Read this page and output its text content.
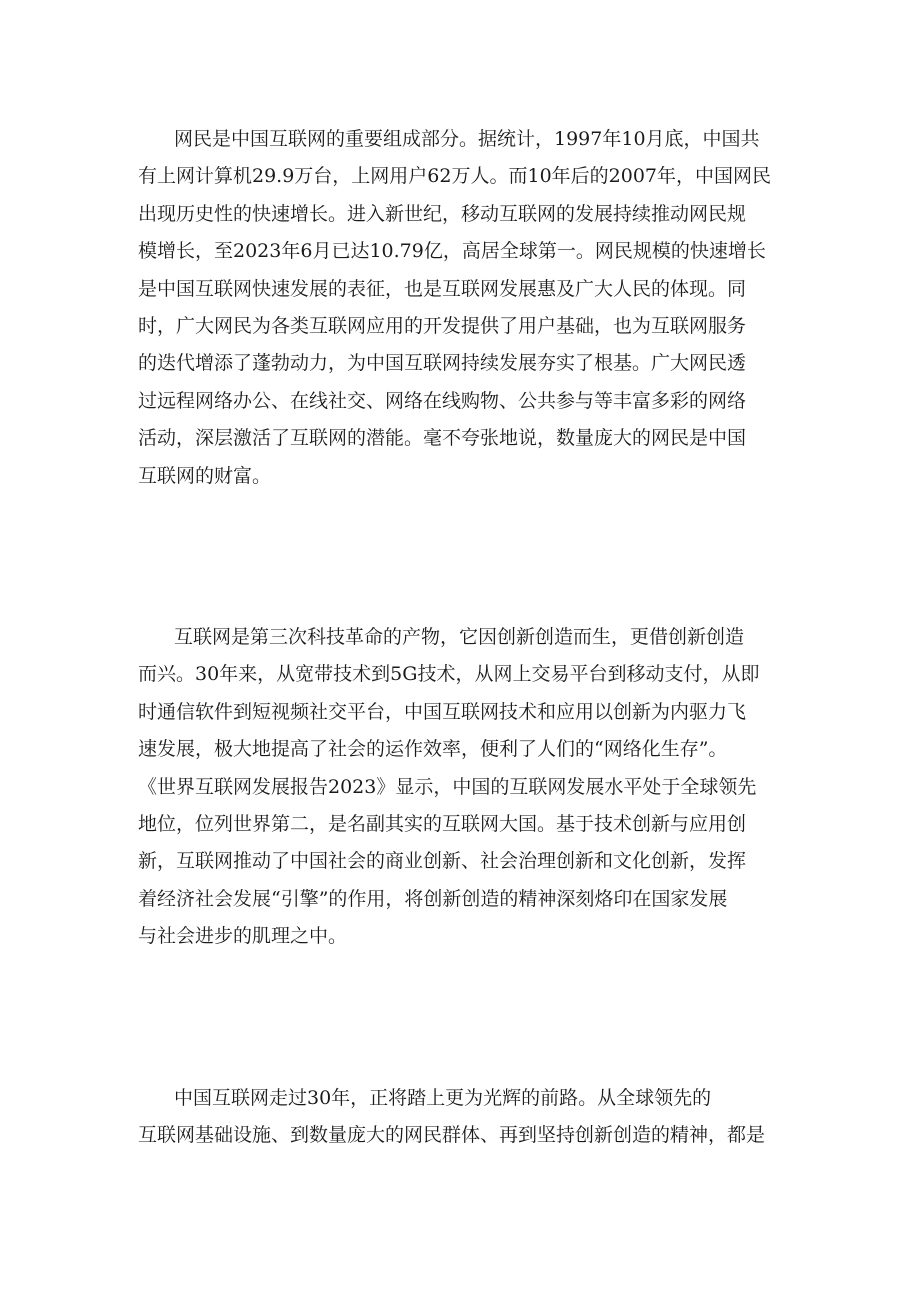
网民是中国互联网的重要组成部分。据统计，1997年10月底，中国共
有上网计算机29.9万台，上网用户62万人。而10年后的2007年，中国网民
出现历史性的快速增长。进入新世纪，移动互联网的发展持续推动网民规
模增长，至2023年6月已达10.79亿，高居全球第一。网民规模的快速增长
是中国互联网快速发展的表征，也是互联网发展惠及广大人民的体现。同
时，广大网民为各类互联网应用的开发提供了用户基础，也为互联网服务
的迭代增添了蓬勃动力，为中国互联网持续发展夯实了根基。广大网民透
过远程网络办公、在线社交、网络在线购物、公共参与等丰富多彩的网络
活动，深层激活了互联网的潜能。毫不夸张地说，数量庞大的网民是中国
互联网的财富。
互联网是第三次科技革命的产物，它因创新创造而生，更借创新创造
而兴。30年来，从宽带技术到5G技术，从网上交易平台到移动支付，从即
时通信软件到短视频社交平台，中国互联网技术和应用以创新为内驱力飞
速发展，极大地提高了社会的运作效率，便利了人们的“网络化生存”。
《世界互联网发展报告2023》显示，中国的互联网发展水平处于全球领先
地位，位列世界第二，是名副其实的互联网大国。基于技术创新与应用创
新，互联网推动了中国社会的商业创新、社会治理创新和文化创新，发挥
着经济社会发展“引擎”的作用，将创新创造的精神深刻烙印在国家发展
与社会进步的肌理之中。
中国互联网走过30年，正将踏上更为光辉的前路。从全球领先的
互联网基础设施、到数量庞大的网民群体、再到坚持创新创造的精神，都是
